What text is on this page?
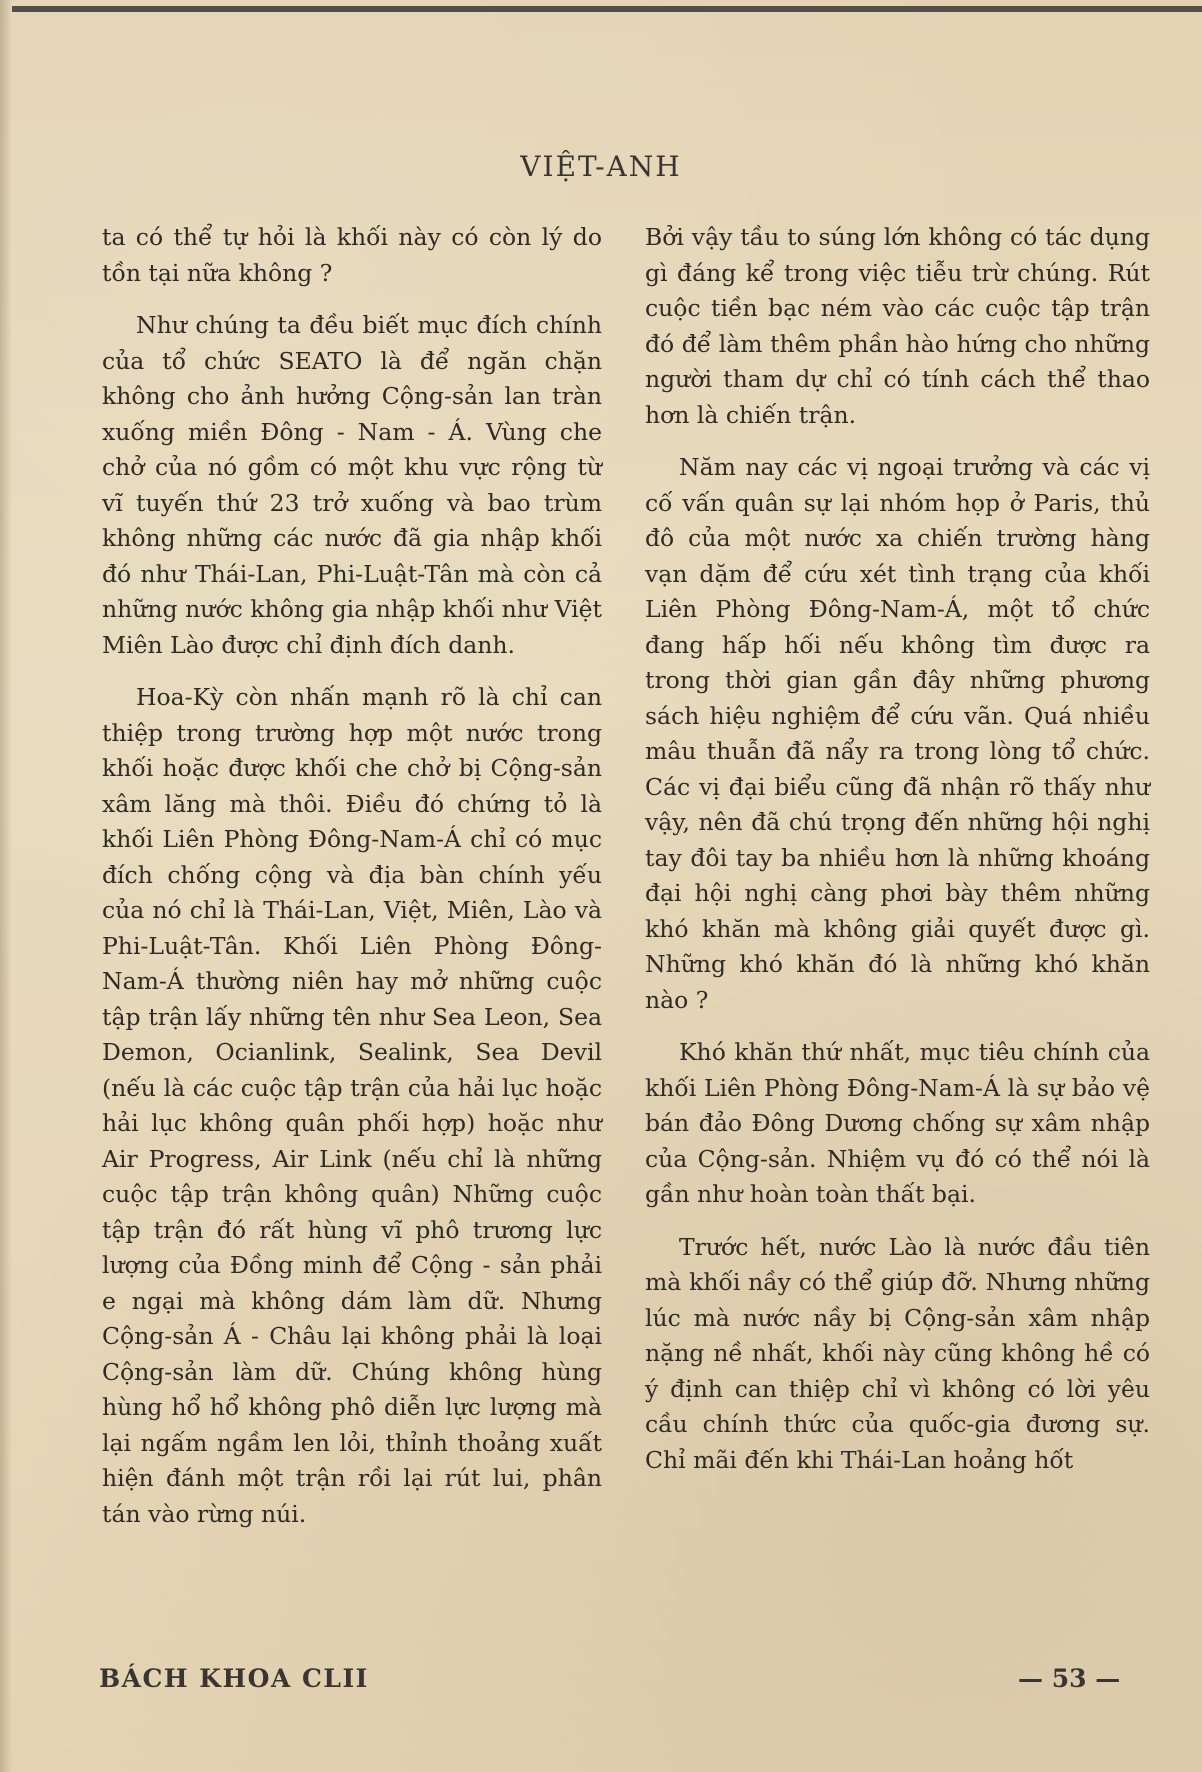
VIỆT-ANH

ta có thể tự hỏi là khối này có còn lý do tồn tại nữa không ?

Như chúng ta đều biết mục đích chính của tổ chức SEATO là để ngăn chặn không cho ảnh hưởng Cộng-sản lan tràn xuống miền Đông - Nam - Á. Vùng che chở của nó gồm có một khu vực rộng từ vĩ tuyến thứ 23 trở xuống và bao trùm không những các nước đã gia nhập khối đó như Thái-Lan, Phi-Luật-Tân mà còn cả những nước không gia nhập khối như Việt Miên Lào được chỉ định đích danh.

Hoa-Kỳ còn nhấn mạnh rõ là chỉ can thiệp trong trường hợp một nước trong khối hoặc được khối che chở bị Cộng-sản xâm lăng mà thôi. Điều đó chứng tỏ là khối Liên Phòng Đông-Nam-Á chỉ có mục đích chống cộng và địa bàn chính yếu của nó chỉ là Thái-Lan, Việt, Miên, Lào và Phi-Luật-Tân. Khối Liên Phòng Đông-Nam-Á thường niên hay mở những cuộc tập trận lấy những tên như Sea Leon, Sea Demon, Ocianlink, Sealink, Sea Devil (nếu là các cuộc tập trận của hải lục hoặc hải lục không quân phối hợp) hoặc như Air Progress, Air Link (nếu chỉ là những cuộc tập trận không quân) Những cuộc tập trận đó rất hùng vĩ phô trương lực lượng của Đồng minh để Cộng - sản phải e ngại mà không dám làm dữ. Nhưng Cộng-sản Á - Châu lại không phải là loại Cộng-sản làm dữ. Chúng không hùng hùng hổ hổ không phô diễn lực lượng mà lại ngấm ngầm len lỏi, thỉnh thoảng xuất hiện đánh một trận rồi lại rút lui, phân tán vào rừng núi.

Bởi vậy tầu to súng lớn không có tác dụng gì đáng kể trong việc tiễu trừ chúng. Rút cuộc tiền bạc ném vào các cuộc tập trận đó để làm thêm phần hào hứng cho những người tham dự chỉ có tính cách thể thao hơn là chiến trận.

Năm nay các vị ngoại trưởng và các vị cố vấn quân sự lại nhóm họp ở Paris, thủ đô của một nước xa chiến trường hàng vạn dặm để cứu xét tình trạng của khối Liên Phòng Đông-Nam-Á, một tổ chức đang hấp hối nếu không tìm được ra trong thời gian gần đây những phương sách hiệu nghiệm để cứu vãn. Quá nhiều mâu thuẫn đã nẩy ra trong lòng tổ chức. Các vị đại biểu cũng đã nhận rõ thấy như vậy, nên đã chú trọng đến những hội nghị tay đôi tay ba nhiều hơn là những khoáng đại hội nghị càng phơi bày thêm những khó khăn mà không giải quyết được gì. Những khó khăn đó là những khó khăn nào ?

Khó khăn thứ nhất, mục tiêu chính của khối Liên Phòng Đông-Nam-Á là sự bảo vệ bán đảo Đông Dương chống sự xâm nhập của Cộng-sản. Nhiệm vụ đó có thể nói là gần như hoàn toàn thất bại.

Trước hết, nước Lào là nước đầu tiên mà khối nầy có thể giúp đỡ. Nhưng những lúc mà nước nầy bị Cộng-sản xâm nhập nặng nề nhất, khối này cũng không hề có ý định can thiệp chỉ vì không có lời yêu cầu chính thức của quốc-gia đương sự. Chỉ mãi đến khi Thái-Lan hoảng hốt

BÁCH KHOA CLII	— 53 —
